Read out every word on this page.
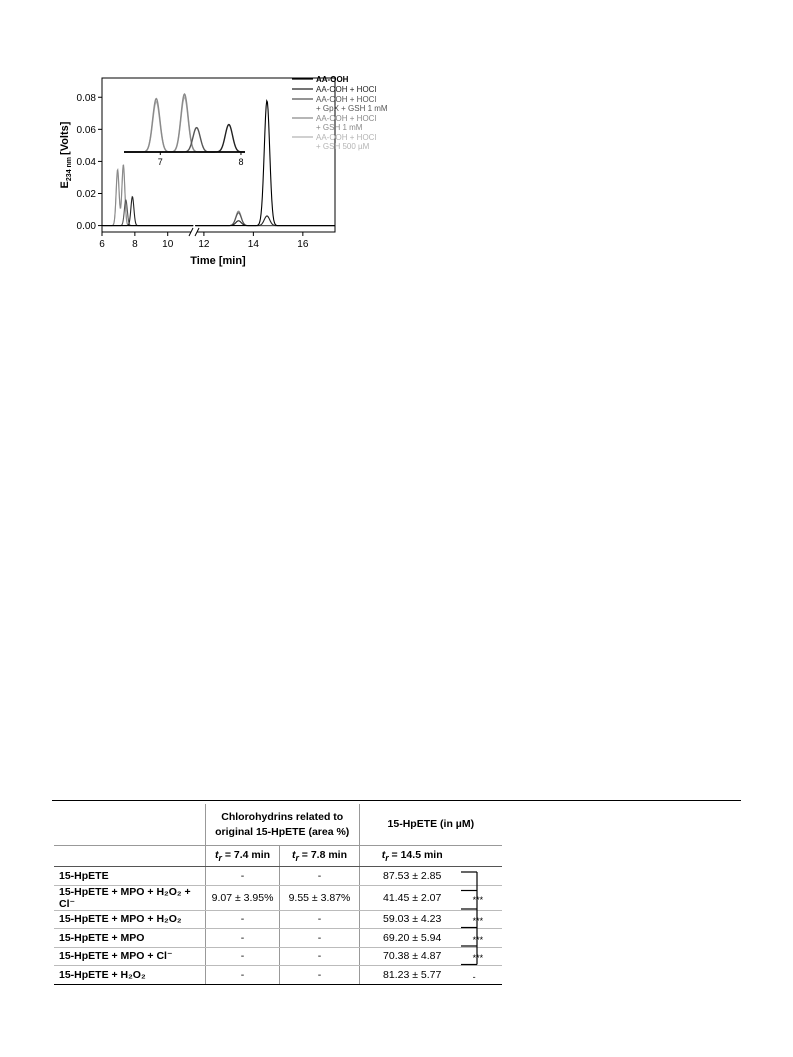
6	8 10	12	14	16
0.00
0.02
0.04
0.06
0.08
7	8
Time [min]
$E_{234 nm}[Volts]$
AA-OOH
AA-OOH + HOCl
AA-OOH + HOCl
+ GpX + GSH 1 mM
AA-OOH + HOCl
+ GSH 1 mM
AA-OOH + HOCl
+ GSH 500 µM
	Chlorohydrins related to
original 15-HpETE (area %)		15-HpETE (in µM)	
	$t_r = 7.4$ min	$t_r = 7.8$ min	$t_r = 14.5$ min	
15-HpETE	-	-	87.53 ± 2.85	
15-HpETE + MPO + H₂O₂ + Cl⁻	9.07 ± 3.95%	9.55 ± 3.87%	41.45 ± 2.07	***
15-HpETE + MPO + H₂O₂	-	-	59.03 ± 4.23	***
15-HpETE + MPO	-	-	69.20 ± 5.94	***
15-HpETE + MPO + Cl⁻	-	-	70.38 ± 4.87	***
15-HpETE + H₂O₂	-	-	81.23 ± 5.77	-
